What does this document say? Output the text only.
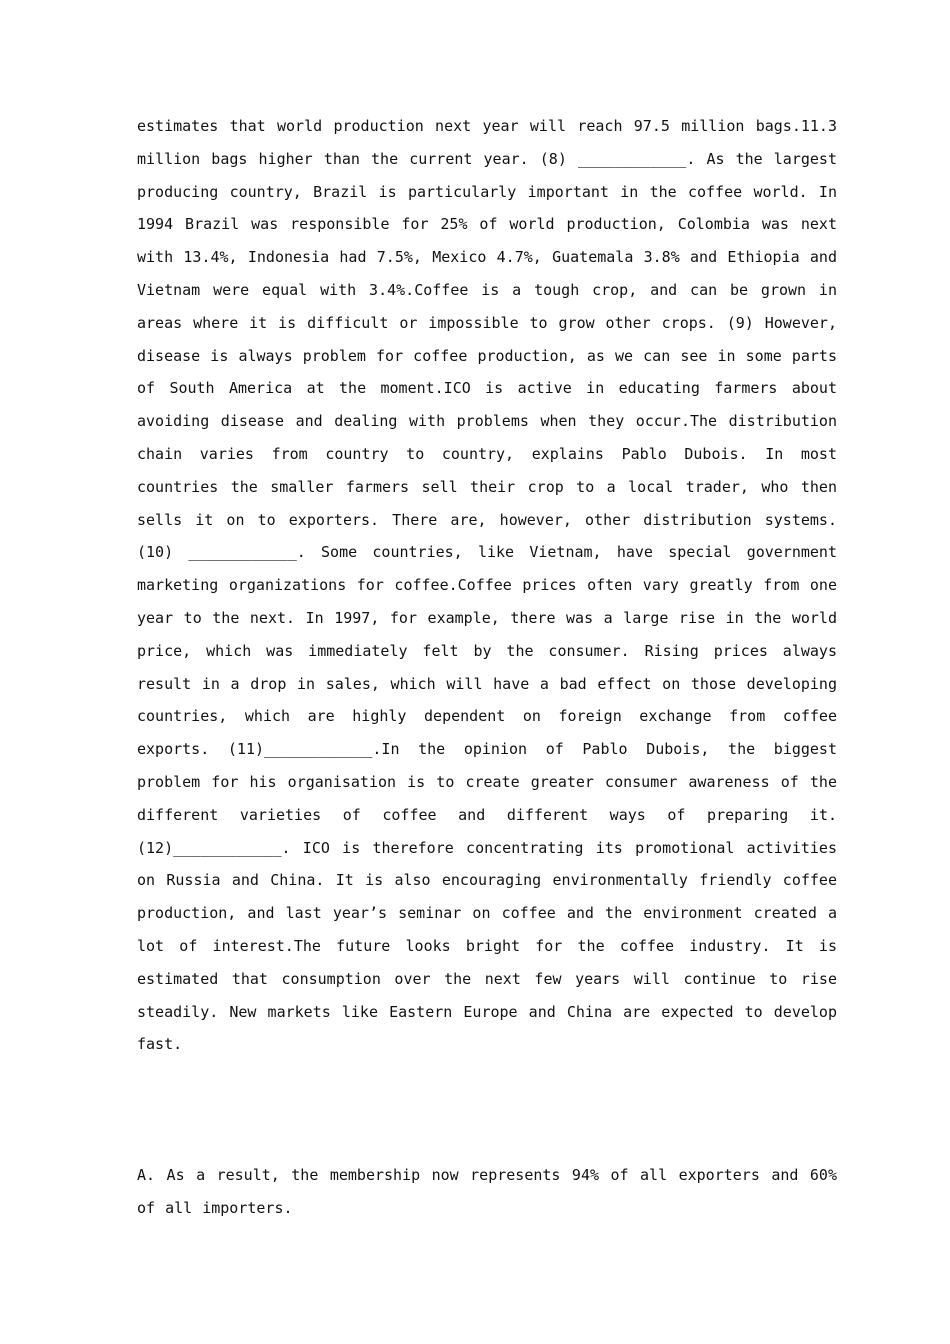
estimates that world production next year will reach 97.5 million bags.11.3 million bags higher than the current year. (8) ____________. As the largest producing country, Brazil is particularly important in the coffee world. In 1994 Brazil was responsible for 25% of world production, Colombia was next with 13.4%, Indonesia had 7.5%, Mexico 4.7%, Guatemala 3.8% and Ethiopia and Vietnam were equal with 3.4%.Coffee is a tough crop, and can be grown in areas where it is difficult or impossible to grow other crops. (9) However, disease is always problem for coffee production, as we can see in some parts of South America at the moment.ICO is active in educating farmers about avoiding disease and dealing with problems when they occur.The distribution chain varies from country to country, explains Pablo Dubois. In most countries the smaller farmers sell their crop to a local trader, who then sells it on to exporters. There are, however, other distribution systems. (10) ____________. Some countries, like Vietnam, have special government marketing organizations for coffee.Coffee prices often vary greatly from one year to the next. In 1997, for example, there was a large rise in the world price, which was immediately felt by the consumer. Rising prices always result in a drop in sales, which will have a bad effect on those developing countries, which are highly dependent on foreign exchange from coffee exports. (11)____________.In the opinion of Pablo Dubois, the biggest problem for his organisation is to create greater consumer awareness of the different varieties of coffee and different ways of preparing it. (12)____________. ICO is therefore concentrating its promotional activities on Russia and China. It is also encouraging environmentally friendly coffee production, and last year’s seminar on coffee and the environment created a lot of interest.The future looks bright for the coffee industry. It is estimated that consumption over the next few years will continue to rise steadily. New markets like Eastern Europe and China are expected to develop fast.
A. As a result, the membership now represents 94% of all exporters and 60% of all importers.
